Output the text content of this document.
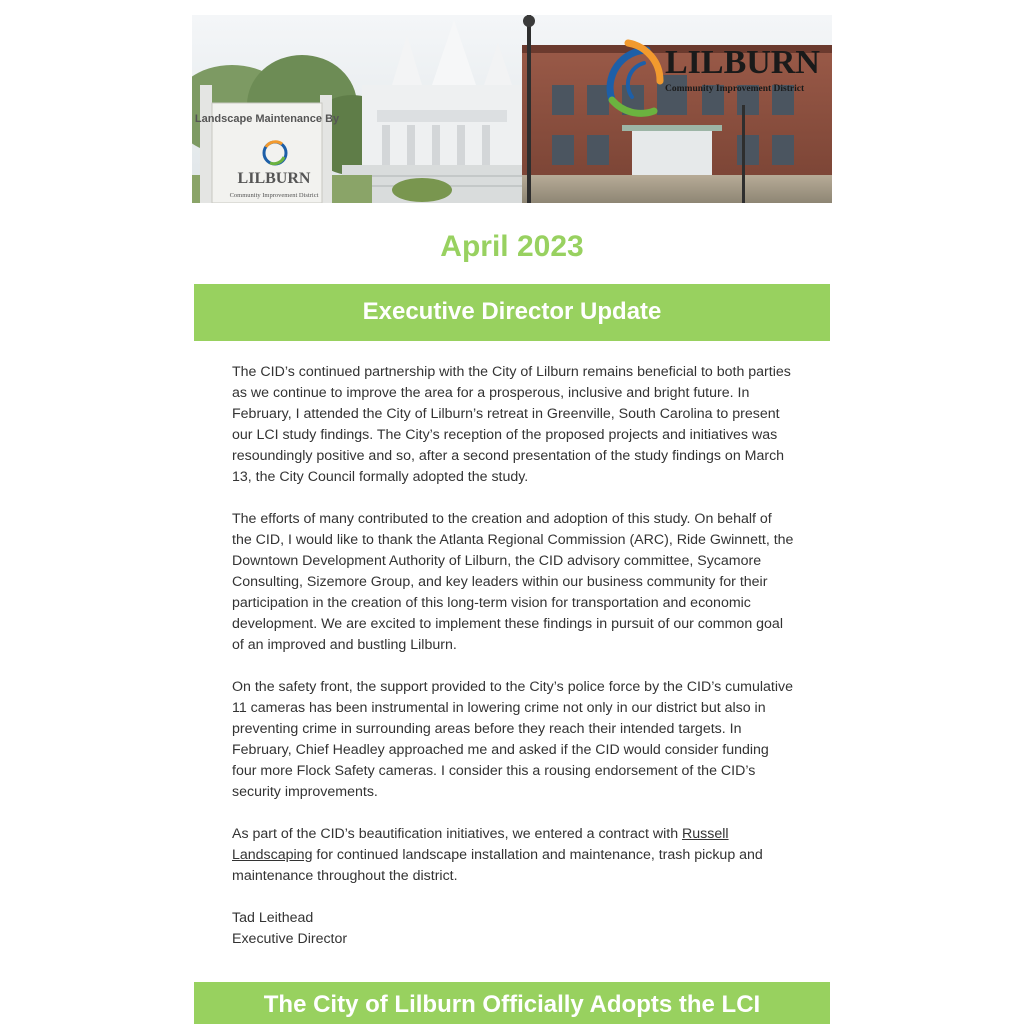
Landscape Maintenance By
LILBURN
Community Improvement District
LILBURN
Community Improvement District
April 2023
Executive Director Update

The CID’s continued partnership with the City of Lilburn remains beneficial to both parties as we continue to improve the area for a prosperous, inclusive and bright future. In February, I attended the City of Lilburn’s retreat in Greenville, South Carolina to present our LCI study findings. The City’s reception of the proposed projects and initiatives was resoundingly positive and so, after a second presentation of the study findings on March 13, the City Council formally adopted the study.

The efforts of many contributed to the creation and adoption of this study. On behalf of the CID, I would like to thank the Atlanta Regional Commission (ARC), Ride Gwinnett, the Downtown Development Authority of Lilburn, the CID advisory committee, Sycamore Consulting, Sizemore Group, and key leaders within our business community for their participation in the creation of this long-term vision for transportation and economic development. We are excited to implement these findings in pursuit of our common goal of an improved and bustling Lilburn.

On the safety front, the support provided to the City’s police force by the CID’s cumulative 11 cameras has been instrumental in lowering crime not only in our district but also in preventing crime in surrounding areas before they reach their intended targets. In February, Chief Headley approached me and asked if the CID would consider funding four more Flock Safety cameras. I consider this a rousing endorsement of the CID’s security improvements.

As part of the CID’s beautification initiatives, we entered a contract with Russell Landscaping for continued landscape installation and maintenance, trash pickup and maintenance throughout the district.

Tad Leithead
Executive Director
The City of Lilburn Officially Adopts the LCI
